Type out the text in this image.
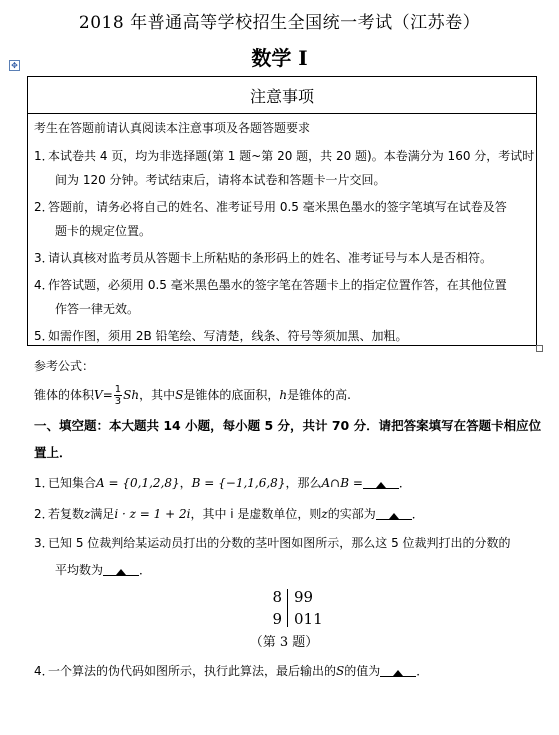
2018 年普通高等学校招生全国统一考试（江苏卷）
数学 I
✥
注意事项
考生在答题前请认真阅读本注意事项及各题答题要求
1．本试卷共 4 页，均为非选择题(第 1 题~第 20 题，共 20 题)。本卷满分为 160 分，考试时
间为 120 分钟。考试结束后，请将本试卷和答题卡一片交回。
2．答题前，请务必将自己的姓名、准考证号用 0.5 毫米黑色墨水的签字笔填写在试卷及答
题卡的规定位置。
3．请认真核对监考员从答题卡上所粘贴的条形码上的姓名、准考证号与本人是否相符。
4．作答试题，必须用 0.5 毫米黑色墨水的签字笔在答题卡上的指定位置作答，在其他位置
作答一律无效。
5．如需作图，须用 2B 铅笔绘、写清楚，线条、符号等须加黑、加粗。
参考公式：
锥体的体积$V= \frac{1}{3}$ Sh，其中S是锥体的底面积，h是锥体的高.
一、填空题：本大题共 14 小题，每小题 5 分，共计 70 分．请把答案填写在答题卡相应位
置上．
1．已知集合A = {0,1,2,8}，B = {−1,1,6,8}，那么A∩B =	．
2．若复数z满足i · z = 1 + 2i，其中 i 是虚数单位，则z的实部为	．
3．已知 5 位裁判给某运动员打出的分数的茎叶图如图所示，那么这 5 位裁判打出的分数的
平均数为	．
8 99
9 011
（第 3 题）
4．一个算法的伪代码如图所示，执行此算法，最后输出的S的值为	．
